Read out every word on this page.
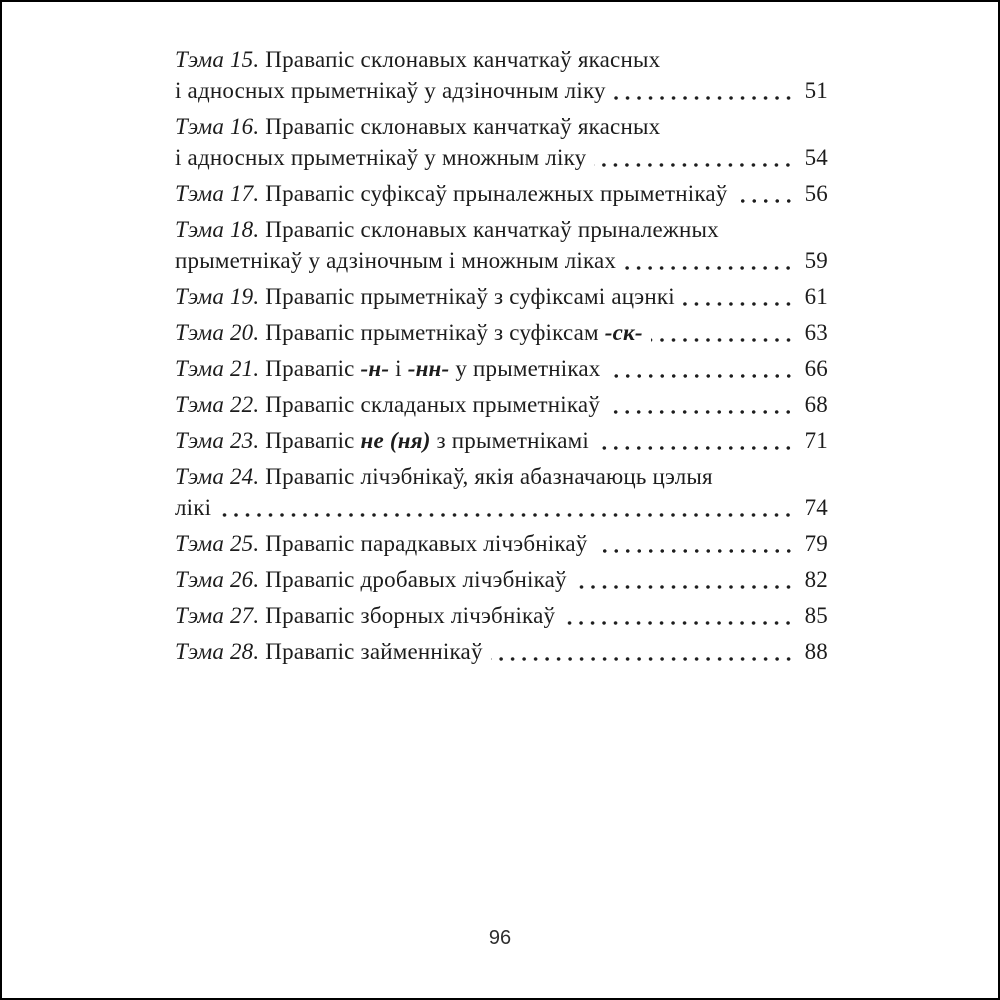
Тэма 15. Правапіс склонавых канчаткаў якасных
і адносных прыметнікаў у адзіночным ліку	51
Тэма 16. Правапіс склонавых канчаткаў якасных
і адносных прыметнікаў у множным ліку	54
Тэма 17. Правапіс суфіксаў прыналежных прыметнікаў	56
Тэма 18. Правапіс склонавых канчаткаў прыналежных
прыметнікаў у адзіночным і множным ліках	59
Тэма 19. Правапіс прыметнікаў з суфіксамі ацэнкі	61
Тэма 20. Правапіс прыметнікаў з суфіксам -ск-	63
Тэма 21. Правапіс -н- і -нн- у прыметніках	66
Тэма 22. Правапіс складаных прыметнікаў	68
Тэма 23. Правапіс не (ня) з прыметнікамі	71
Тэма 24. Правапіс лічэбнікаў, якія абазначаюць цэлыя
лікі	74
Тэма 25. Правапіс парадкавых лічэбнікаў	79
Тэма 26. Правапіс дробавых лічэбнікаў	82
Тэма 27. Правапіс зборных лічэбнікаў	85
Тэма 28. Правапіс займеннікаў	88
96
